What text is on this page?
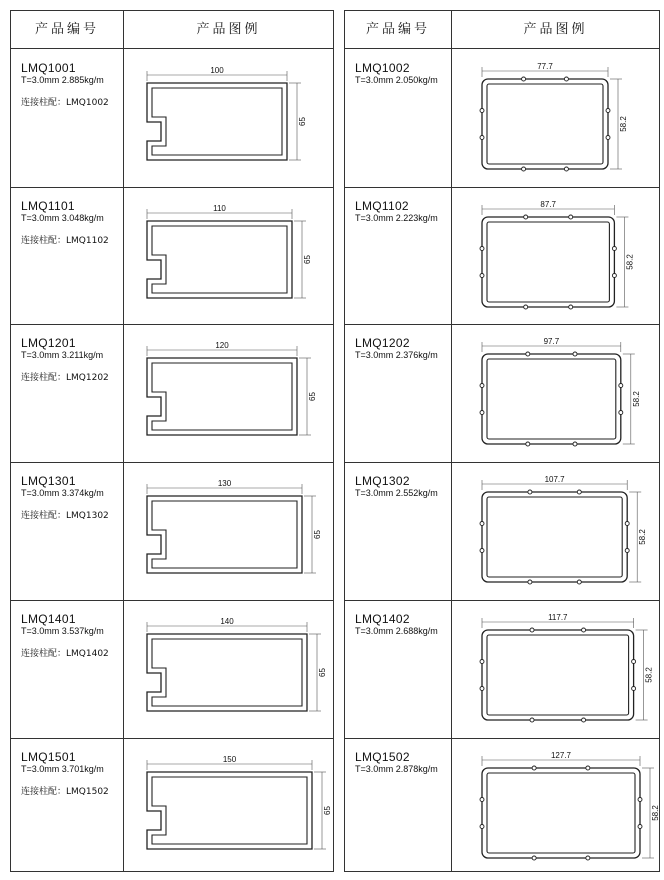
产品编号	产品图例
LMQ1001
T=3.0mm 2.885kg/m
连接柱配：LMQ1002
100
65
LMQ1101
T=3.0mm 3.048kg/m
连接柱配：LMQ1102
110
65
LMQ1201
T=3.0mm 3.211kg/m
连接柱配：LMQ1202
120
65
LMQ1301
T=3.0mm 3.374kg/m
连接柱配：LMQ1302
130
65
LMQ1401
T=3.0mm 3.537kg/m
连接柱配：LMQ1402
140
65
LMQ1501
T=3.0mm 3.701kg/m
连接柱配：LMQ1502
150
65
产品编号	产品图例
LMQ1002
T=3.0mm 2.050kg/m
77.7
58.2
LMQ1102
T=3.0mm 2.223kg/m
87.7
58.2
LMQ1202
T=3.0mm 2.376kg/m
97.7
58.2
LMQ1302
T=3.0mm 2.552kg/m
107.7
58.2
LMQ1402
T=3.0mm 2.688kg/m
117.7
58.2
LMQ1502
T=3.0mm 2.878kg/m
127.7
58.2
